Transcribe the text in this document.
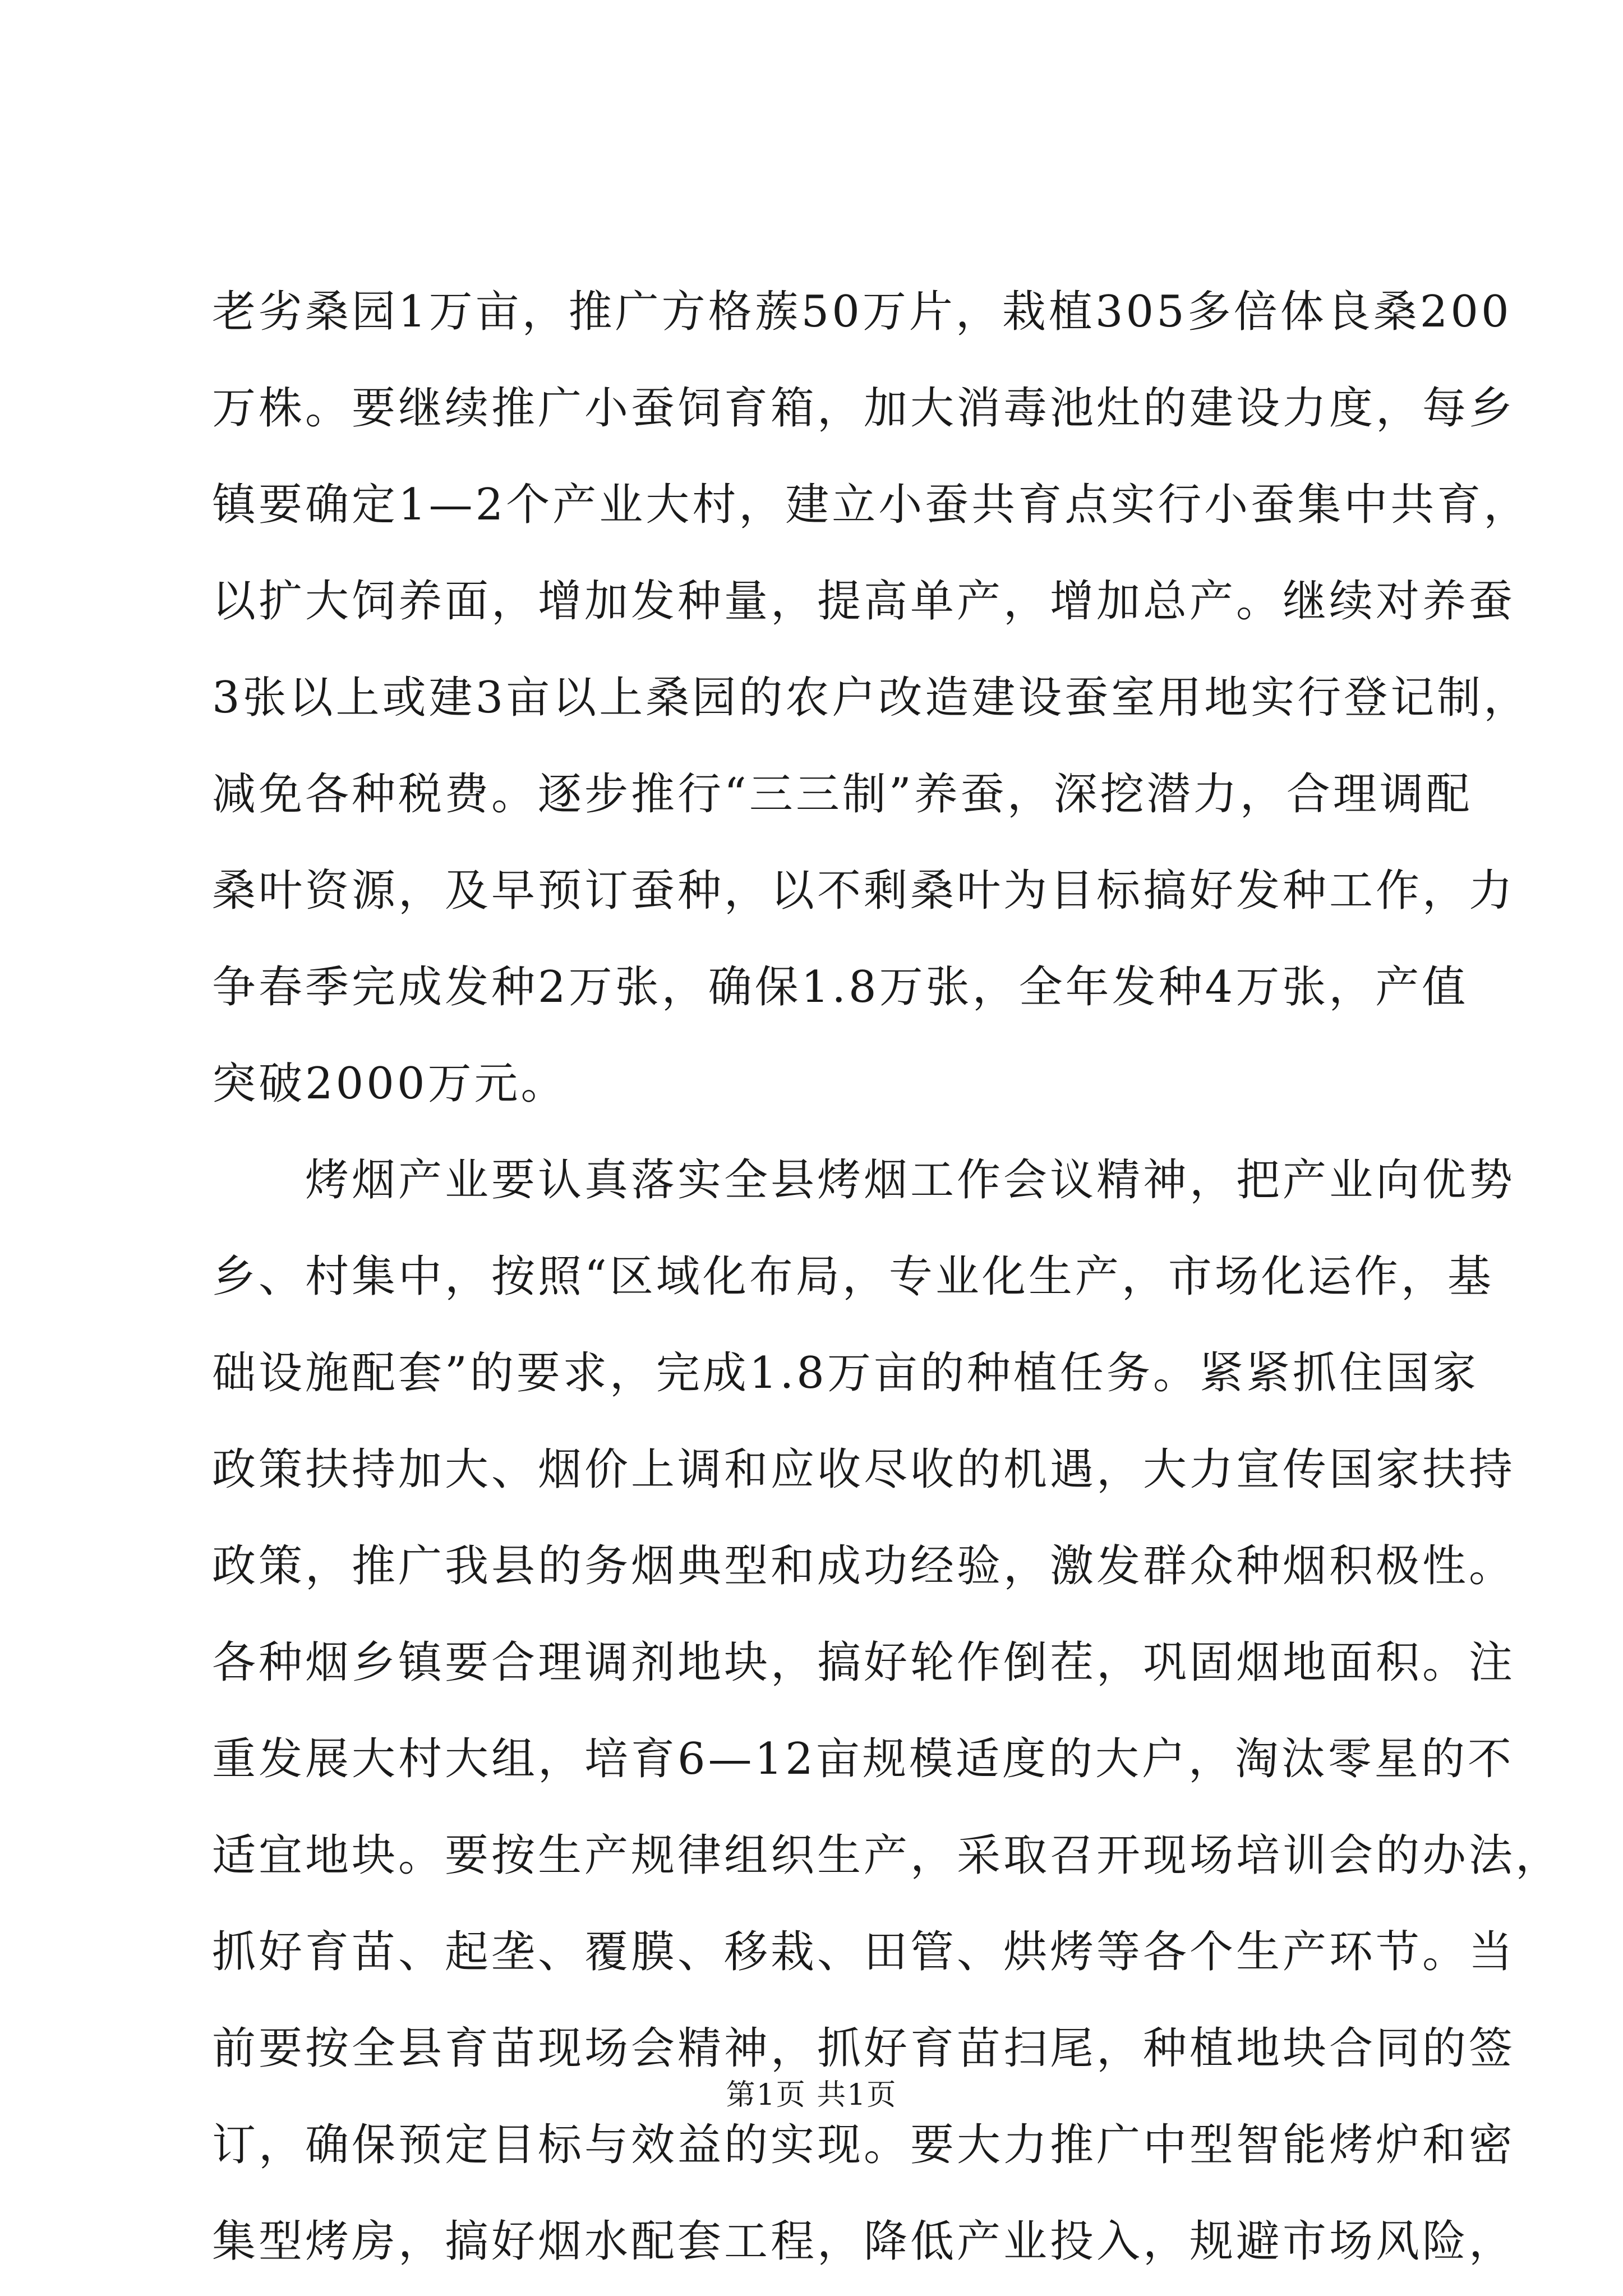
老劣桑园1万亩，推广方格蔟50万片，栽植305多倍体良桑200
万株。要继续推广小蚕饲育箱，加大消毒池灶的建设力度，每乡
镇要确定1—2个产业大村，建立小蚕共育点实行小蚕集中共育，
以扩大饲养面，增加发种量，提高单产，增加总产。继续对养蚕
3张以上或建3亩以上桑园的农户改造建设蚕室用地实行登记制，
减免各种税费。逐步推行“三三制”养蚕，深挖潜力，合理调配
桑叶资源，及早预订蚕种，以不剩桑叶为目标搞好发种工作，力
争春季完成发种2万张，确保1.8万张，全年发种4万张，产值
突破2000万元。
烤烟产业要认真落实全县烤烟工作会议精神，把产业向优势
乡、村集中，按照“区域化布局，专业化生产，市场化运作，基
础设施配套”的要求，完成1.8万亩的种植任务。紧紧抓住国家
政策扶持加大、烟价上调和应收尽收的机遇，大力宣传国家扶持
政策，推广我县的务烟典型和成功经验，激发群众种烟积极性。
各种烟乡镇要合理调剂地块，搞好轮作倒茬，巩固烟地面积。注
重发展大村大组，培育6—12亩规模适度的大户，淘汰零星的不
适宜地块。要按生产规律组织生产，采取召开现场培训会的办法，
抓好育苗、起垄、覆膜、移栽、田管、烘烤等各个生产环节。当
前要按全县育苗现场会精神，抓好育苗扫尾，种植地块合同的签
订，确保预定目标与效益的实现。要大力推广中型智能烤炉和密
集型烤房，搞好烟水配套工程，降低产业投入，规避市场风险，
第1页 共1页
